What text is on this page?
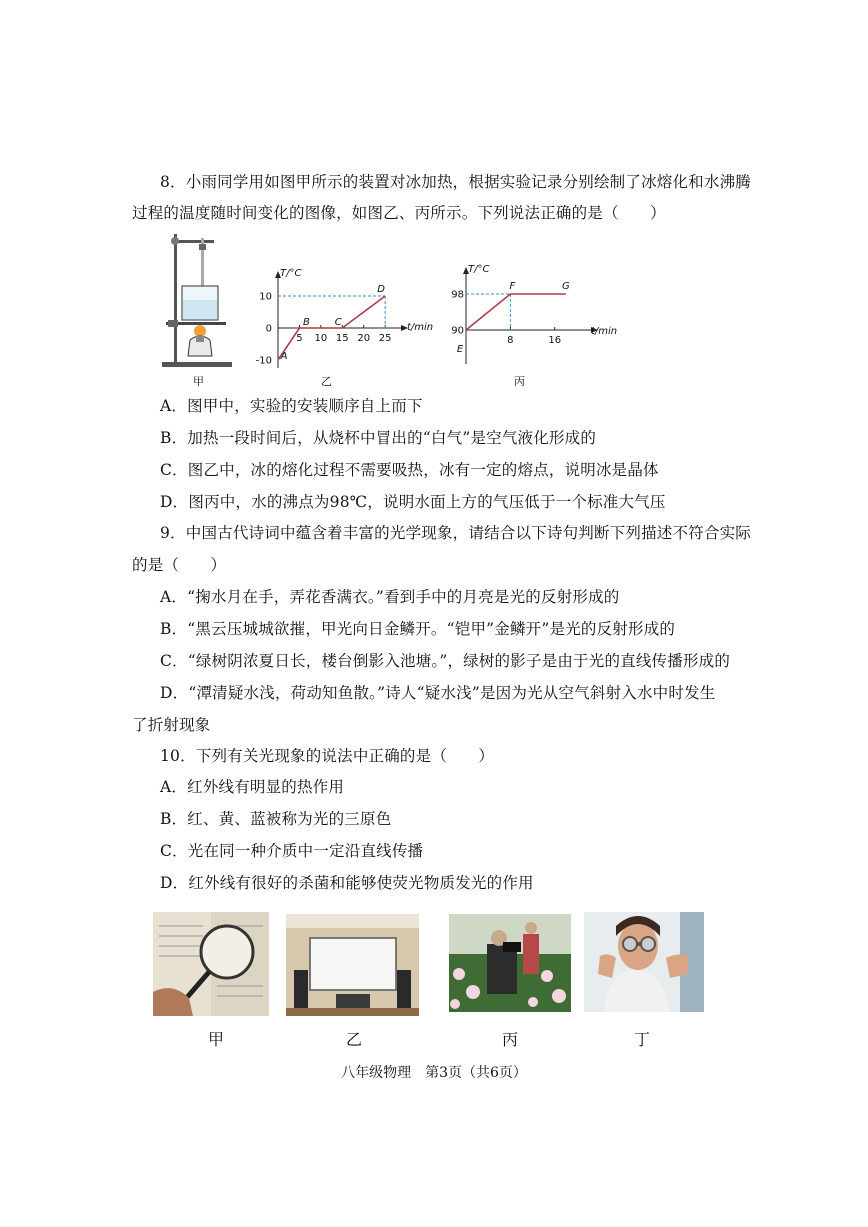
8．小雨同学用如图甲所示的装置对冰加热，根据实验记录分别绘制了冰熔化和水沸腾
过程的温度随时间变化的图像，如图乙、丙所示。下列说法正确的是（　　）
甲
T/°C
t/min
5 10 15 20 25
10
0
-10 A
B C
D
乙
T/°C
t/min
8	16
98
90
E
F	G
丙
A．图甲中，实验的安装顺序自上而下
B．加热一段时间后，从烧杯中冒出的“白气”是空气液化形成的
C．图乙中，冰的熔化过程不需要吸热，冰有一定的熔点，说明冰是晶体
D．图丙中，水的沸点为98℃，说明水面上方的气压低于一个标准大气压
9．中国古代诗词中蕴含着丰富的光学现象，请结合以下诗句判断下列描述不符合实际
的是（　　）
A．“掬水月在手，弄花香满衣。”看到手中的月亮是光的反射形成的
B．“黑云压城城欲摧，甲光向日金鳞开。“铠甲”金鳞开”是光的反射形成的
C．“绿树阴浓夏日长，楼台倒影入池塘。”，绿树的影子是由于光的直线传播形成的
D．“潭清疑水浅，荷动知鱼散。”诗人“疑水浅”是因为光从空气斜射入水中时发生
了折射现象
10．下列有关光现象的说法中正确的是（　　）
A．红外线有明显的热作用
B．红、黄、蓝被称为光的三原色
C．光在同一种介质中一定沿直线传播
D．红外线有很好的杀菌和能够使荧光物质发光的作用
甲	乙	丙	丁
八年级物理　第3页（共6页）
